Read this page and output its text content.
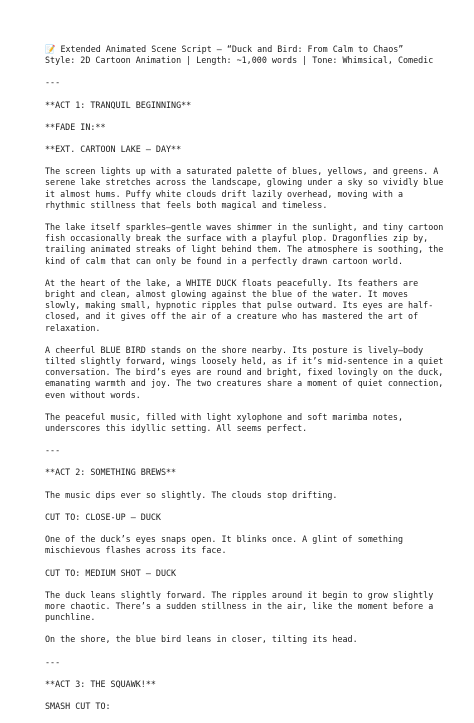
📝 Extended Animated Scene Script – “Duck and Bird: From Calm to Chaos”
Style: 2D Cartoon Animation | Length: ~1,000 words | Tone: Whimsical, Comedic

---

**ACT 1: TRANQUIL BEGINNING**

**FADE IN:**

**EXT. CARTOON LAKE – DAY**

The screen lights up with a saturated palette of blues, yellows, and greens. A serene lake stretches across the landscape, glowing under a sky so vividly blue it almost hums. Puffy white clouds drift lazily overhead, moving with a rhythmic stillness that feels both magical and timeless.

The lake itself sparkles—gentle waves shimmer in the sunlight, and tiny cartoon fish occasionally break the surface with a playful plop. Dragonflies zip by, trailing animated streaks of light behind them. The atmosphere is soothing, the kind of calm that can only be found in a perfectly drawn cartoon world.

At the heart of the lake, a WHITE DUCK floats peacefully. Its feathers are bright and clean, almost glowing against the blue of the water. It moves slowly, making small, hypnotic ripples that pulse outward. Its eyes are half-closed, and it gives off the air of a creature who has mastered the art of relaxation.

A cheerful BLUE BIRD stands on the shore nearby. Its posture is lively—body tilted slightly forward, wings loosely held, as if it’s mid-sentence in a quiet conversation. The bird’s eyes are round and bright, fixed lovingly on the duck, emanating warmth and joy. The two creatures share a moment of quiet connection, even without words.

The peaceful music, filled with light xylophone and soft marimba notes, underscores this idyllic setting. All seems perfect.

---

**ACT 2: SOMETHING BREWS**

The music dips ever so slightly. The clouds stop drifting.

CUT TO: CLOSE-UP – DUCK

One of the duck’s eyes snaps open. It blinks once. A glint of something mischievous flashes across its face.

CUT TO: MEDIUM SHOT – DUCK

The duck leans slightly forward. The ripples around it begin to grow slightly more chaotic. There’s a sudden stillness in the air, like the moment before a punchline.

On the shore, the blue bird leans in closer, tilting its head.

---

**ACT 3: THE SQUAWK!**

SMASH CUT TO:
